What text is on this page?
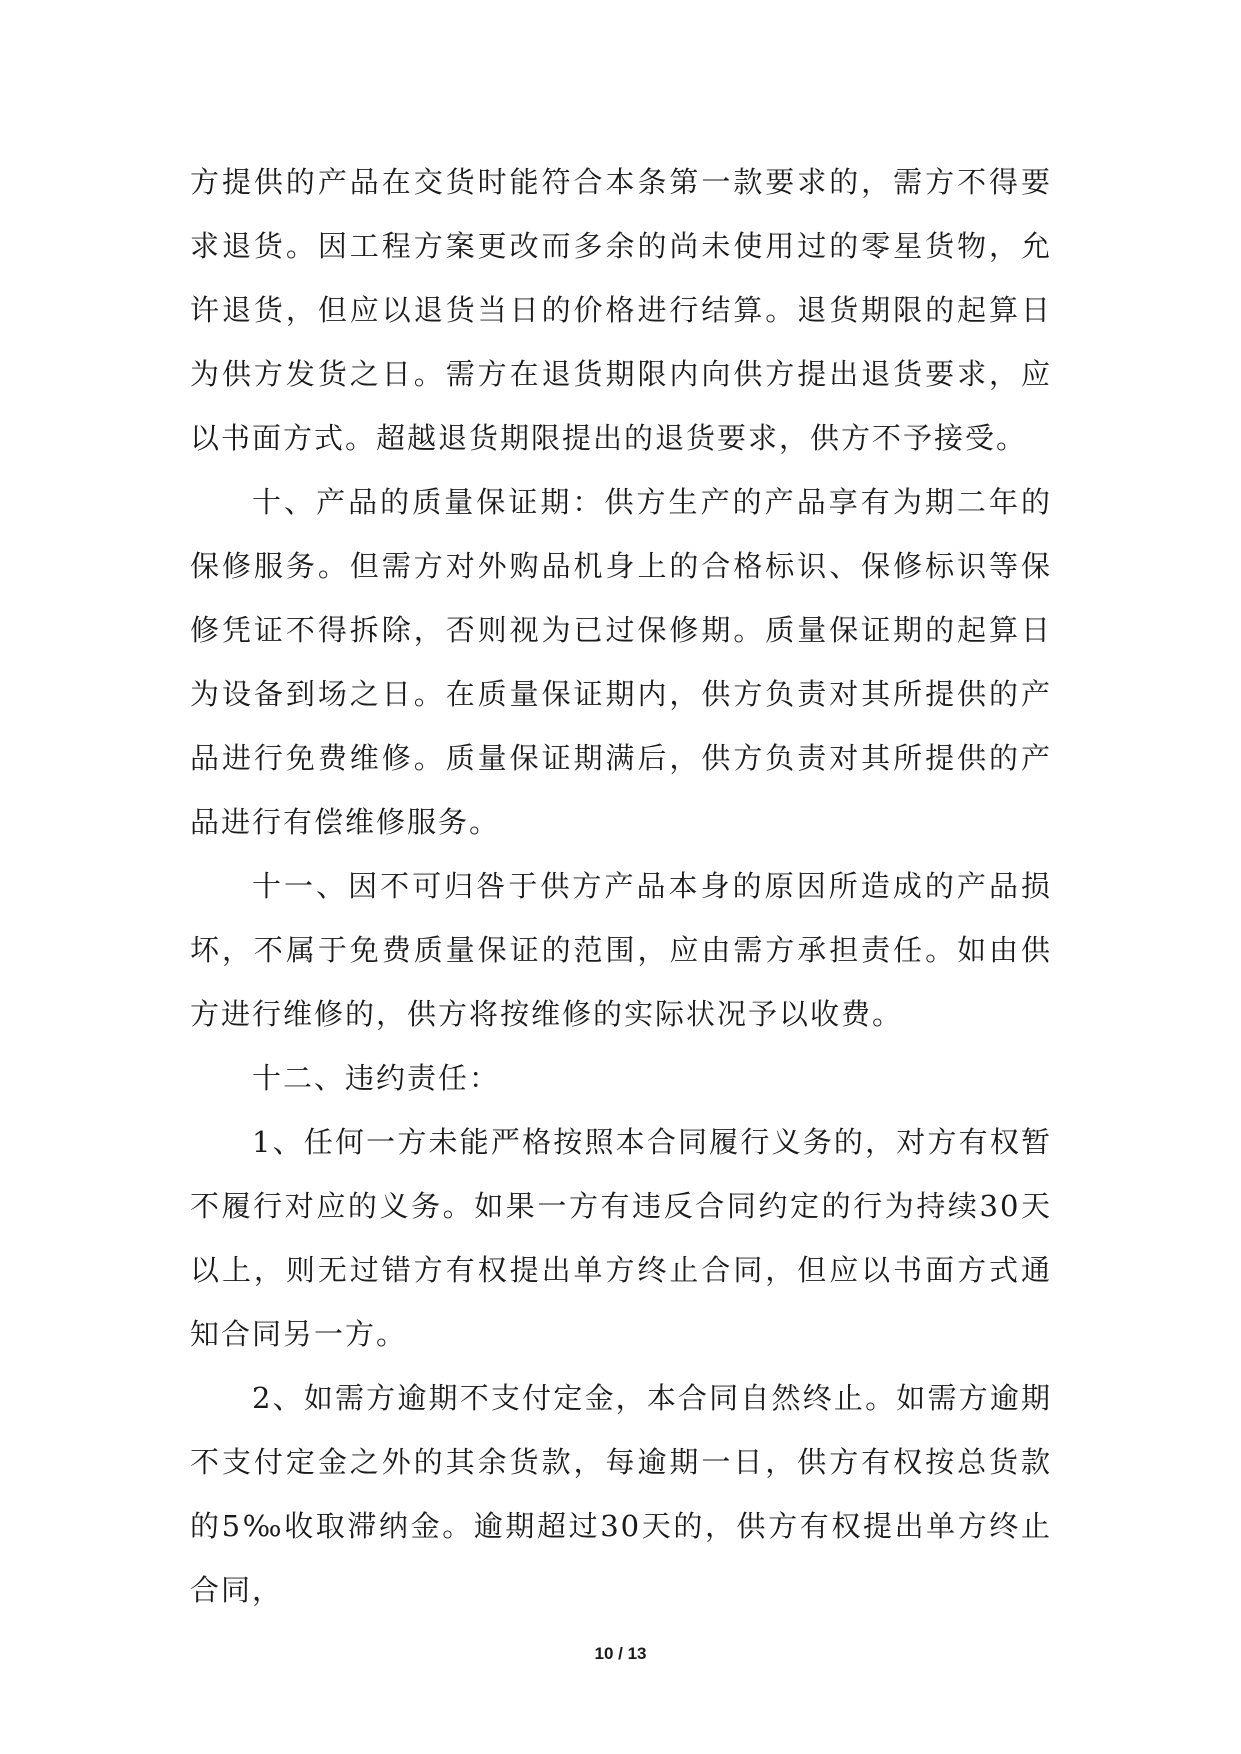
方提供的产品在交货时能符合本条第一款要求的，需方不得要求退货。因工程方案更改而多余的尚未使用过的零星货物，允许退货，但应以退货当日的价格进行结算。退货期限的起算日为供方发货之日。需方在退货期限内向供方提出退货要求，应以书面方式。超越退货期限提出的退货要求，供方不予接受。

十、产品的质量保证期：供方生产的产品享有为期二年的保修服务。但需方对外购品机身上的合格标识、保修标识等保修凭证不得拆除，否则视为已过保修期。质量保证期的起算日为设备到场之日。在质量保证期内，供方负责对其所提供的产品进行免费维修。质量保证期满后，供方负责对其所提供的产品进行有偿维修服务。

十一、因不可归咎于供方产品本身的原因所造成的产品损坏，不属于免费质量保证的范围，应由需方承担责任。如由供方进行维修的，供方将按维修的实际状况予以收费。

十二、违约责任：

1、任何一方未能严格按照本合同履行义务的，对方有权暂不履行对应的义务。如果一方有违反合同约定的行为持续30天以上，则无过错方有权提出单方终止合同，但应以书面方式通知合同另一方。

2、如需方逾期不支付定金，本合同自然终止。如需方逾期不支付定金之外的其余货款，每逾期一日，供方有权按总货款的5‰收取滞纳金。逾期超过30天的，供方有权提出单方终止合同，

10 / 13
